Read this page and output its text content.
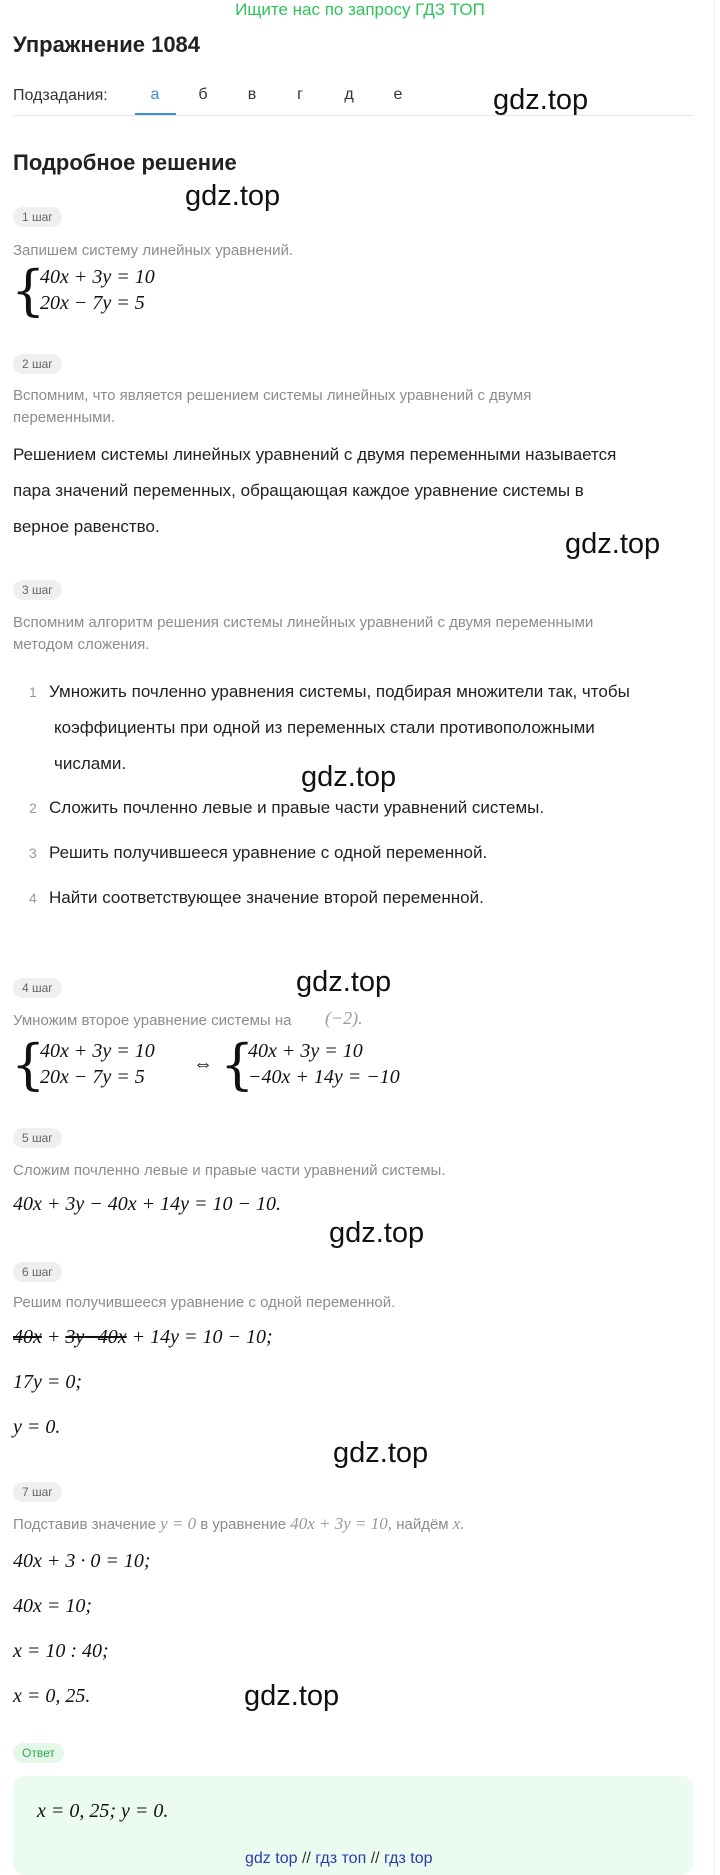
Ищите нас по запросу ГДЗ ТОП
Упражнение 1084
Подзадания:	а	б	в	г	д	е	gdz.top
gdz.top
gdz.top
gdz.top
gdz.top
gdz.top
gdz.top
gdz.top
Подробное решение
1 шаг
Запишем систему линейных уравнений.
{
40x + 3y = 10
20x − 7y = 5
2 шаг
Вспомним, что является решением системы линейных уравнений с двумя
переменными.
Решением системы линейных уравнений с двумя переменными называется
пара значений переменных, обращающая каждое уравнение системы в
верное равенство.
3 шаг
Вспомним алгоритм решения системы линейных уравнений с двумя переменными
методом сложения.
1 Умножить почленно уравнения системы, подбирая множители так, чтобы
коэффициенты при одной из переменных стали противоположными
числами.
2 Сложить почленно левые и правые части уравнений системы.
3 Решить получившееся уравнение с одной переменной.
4 Найти соответствующее значение второй переменной.
4 шаг
Умножим второе уравнение системы на (−2).
{
40x + 3y = 10
20x − 7y = 5
⇔ {
40x + 3y = 10
−40x + 14y = −10
5 шаг
Сложим почленно левые и правые части уравнений системы.
40x + 3y − 40x + 14y = 10 − 10.
6 шаг
Решим получившееся уравнение с одной переменной.
40x + 3y−40x + 14y = 10 − 10;
17y = 0;
y = 0.
7 шаг
Подставив значение y = 0 в уравнение 40x + 3y = 10, найдём x.
40x + 3 · 0 = 10;
40x = 10;
x = 10 : 40;
x = 0, 25.
Ответ
x = 0, 25; y = 0.
gdz top // гдз топ // гдз top
